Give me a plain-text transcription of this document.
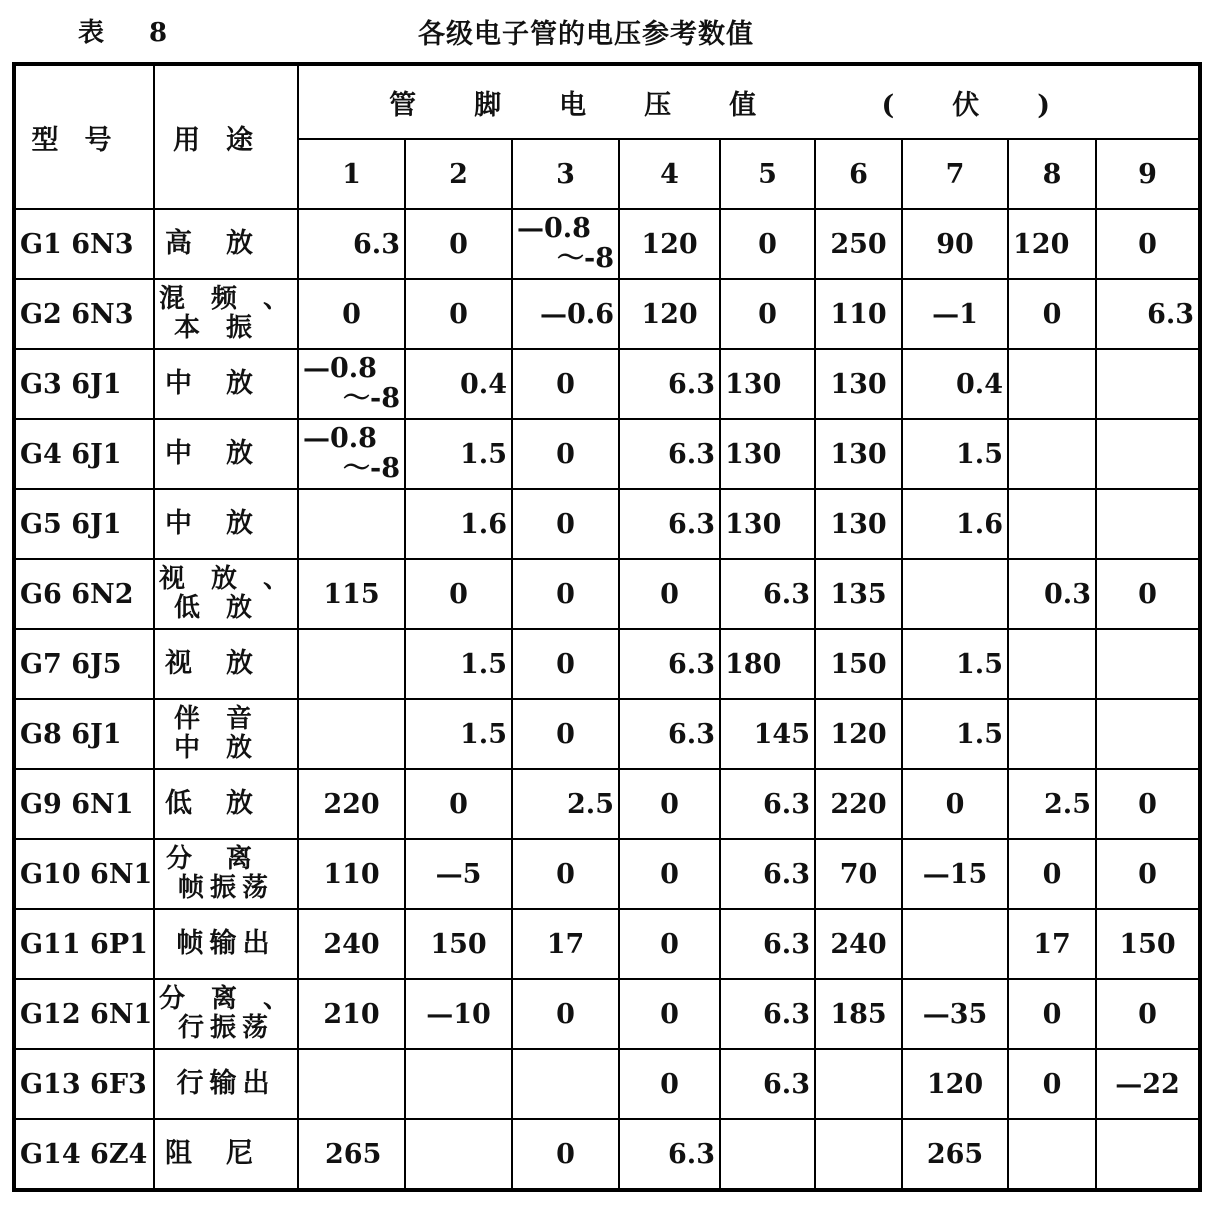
表 8	各级电子管的电压参考数值
型号	用途	管脚电压值 (伏)								
		1	2	3	4	5	6	7	8	9
G1 6N3	高放	6.3	0	—0.8
～-8	120	0	250	90	120	0
G2 6N3	混频、
本振	0	0	—0.6	120	0	110	—1	0	6.3
G3 6J1	中放	—0.8
～-8	0.4	0	6.3	130	130	0.4		
G4 6J1	中放	—0.8
～-8	1.5	0	6.3	130	130	1.5		
G5 6J1	中放		1.6	0	6.3	130	130	1.6		
G6 6N2	视放、
低放	115	0	0	0	6.3	135		0.3	0
G7 6J5	视放		1.5	0	6.3	180	150	1.5		
G8 6J1	伴音
中放		1.5	0	6.3	145	120	1.5		
G9 6N1	低放	220	0	2.5	0	6.3	220	0	2.5	0
G10 6N1	分离
帧振荡	110	—5	0	0	6.3	70	—15	0	0
G11 6P1	帧输出	240	150	17	0	6.3	240		17	150
G12 6N1	分离、
行振荡	210	—10	0	0	6.3	185	—35	0	0
G13 6F3	行输出				0	6.3		120	0	—22
G14 6Z4	阻尼	265		0	6.3			265		
